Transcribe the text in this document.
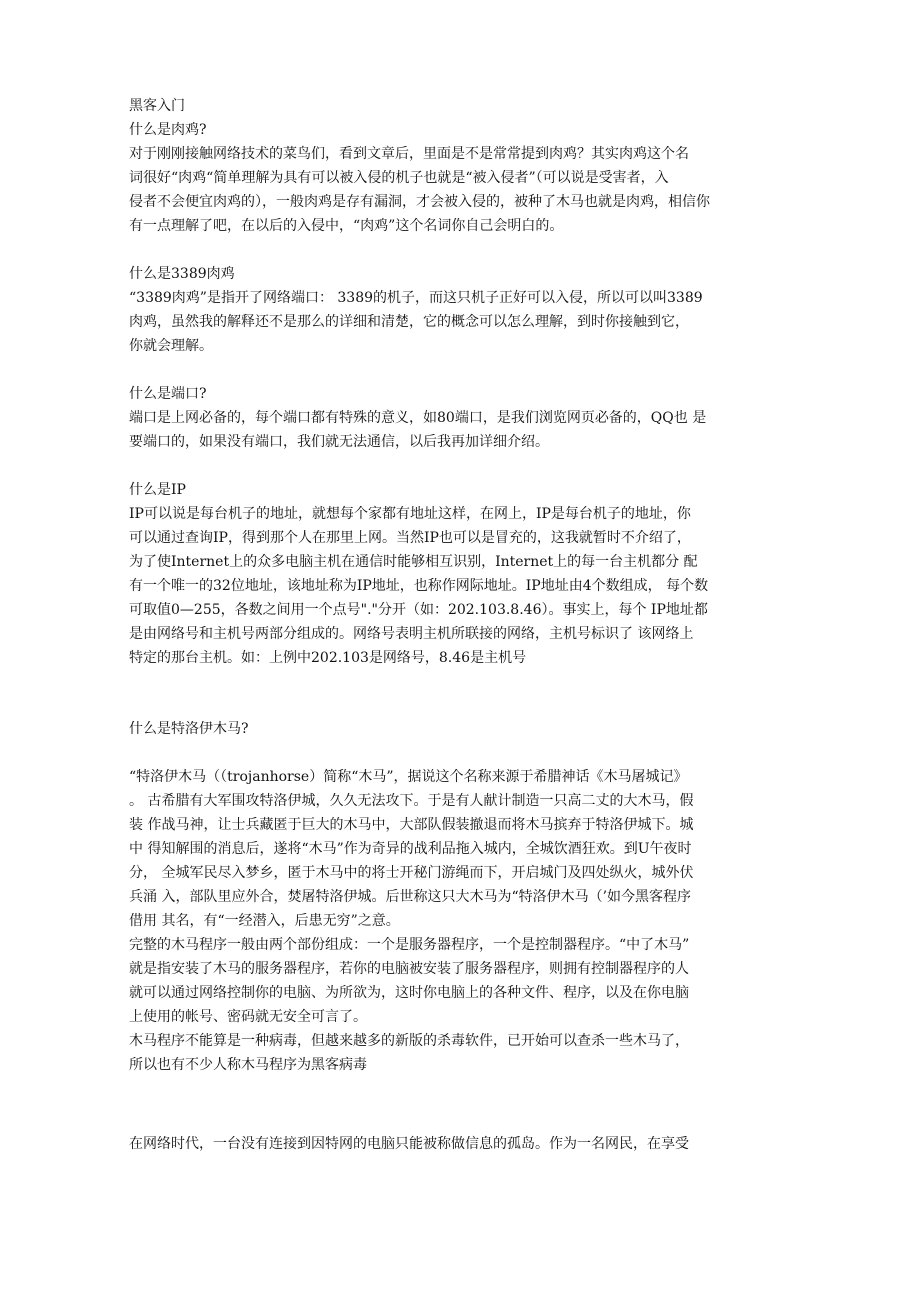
黑客入门
什么是肉鸡?
对于刚刚接触网络技术的菜鸟们，看到文章后，里面是不是常常提到肉鸡？其实肉鸡这个名
词很好“肉鸡“简单理解为具有可以被入侵的机子也就是“被入侵者”（可以说是受害者，入
侵者不会便宜肉鸡的），一般肉鸡是存有漏洞，才会被入侵的，被种了木马也就是肉鸡，相信你
有一点理解了吧，在以后的入侵中，“肉鸡”这个名词你自己会明白的。
什么是3389肉鸡
“3389肉鸡”是指开了网络端口： 3389的机子，而这只机子正好可以入侵，所以可以叫3389
肉鸡，虽然我的解释还不是那么的详细和清楚，它的概念可以怎么理解，到时你接触到它，
你就会理解。
什么是端口?
端口是上网必备的，每个端口都有特殊的意义，如80端口，是我们浏览网页必备的，QQ也 是
要端口的，如果没有端口，我们就无法通信，以后我再加详细介绍。
什么是IP
IP可以说是每台机子的地址，就想每个家都有地址这样，在网上，IP是每台机子的地址，你
可以通过查询IP，得到那个人在那里上网。当然IP也可以是冒充的，这我就暂时不介绍了，
为了使Internet上的众多电脑主机在通信时能够相互识别，Internet上的每一台主机都分 配
有一个唯一的32位地址，该地址称为IP地址，也称作网际地址。IP地址由4个数组成， 每个数
可取值0—255，各数之间用一个点号"."分开（如：202.103.8.46）。事实上，每个 IP地址都
是由网络号和主机号两部分组成的。网络号表明主机所联接的网络，主机号标识了 该网络上
特定的那台主机。如：上例中202.103是网络号，8.46是主机号
什么是特洛伊木马?
“特洛伊木马（（trojanhorse）简称“木马”，据说这个名称来源于希腊神话《木马屠城记》
。 古希腊有大军围攻特洛伊城，久久无法攻下。于是有人献计制造一只高二丈的大木马，假
装 作战马神，让士兵藏匿于巨大的木马中，大部队假装撤退而将木马摈弃于特洛伊城下。城
中 得知解围的消息后，遂将“木马”作为奇异的战利品拖入城内，全城饮酒狂欢。到U午夜时
分， 全城军民尽入梦乡，匿于木马中的将士开秘门游绳而下，开启城门及四处纵火，城外伏
兵涌 入，部队里应外合，焚屠特洛伊城。后世称这只大木马为“特洛伊木马（’如今黑客程序
借用 其名，有“一经潜入，后患无穷”之意。
完整的木马程序一般由两个部份组成：一个是服务器程序，一个是控制器程序。“中了木马”
就是指安装了木马的服务器程序，若你的电脑被安装了服务器程序，则拥有控制器程序的人
就可以通过网络控制你的电脑、为所欲为，这时你电脑上的各种文件、程序，以及在你电脑
上使用的帐号、密码就无安全可言了。
木马程序不能算是一种病毒，但越来越多的新版的杀毒软件，已开始可以查杀一些木马了，
所以也有不少人称木马程序为黑客病毒
在网络时代，一台没有连接到因特网的电脑只能被称做信息的孤岛。作为一名网民，在享受
